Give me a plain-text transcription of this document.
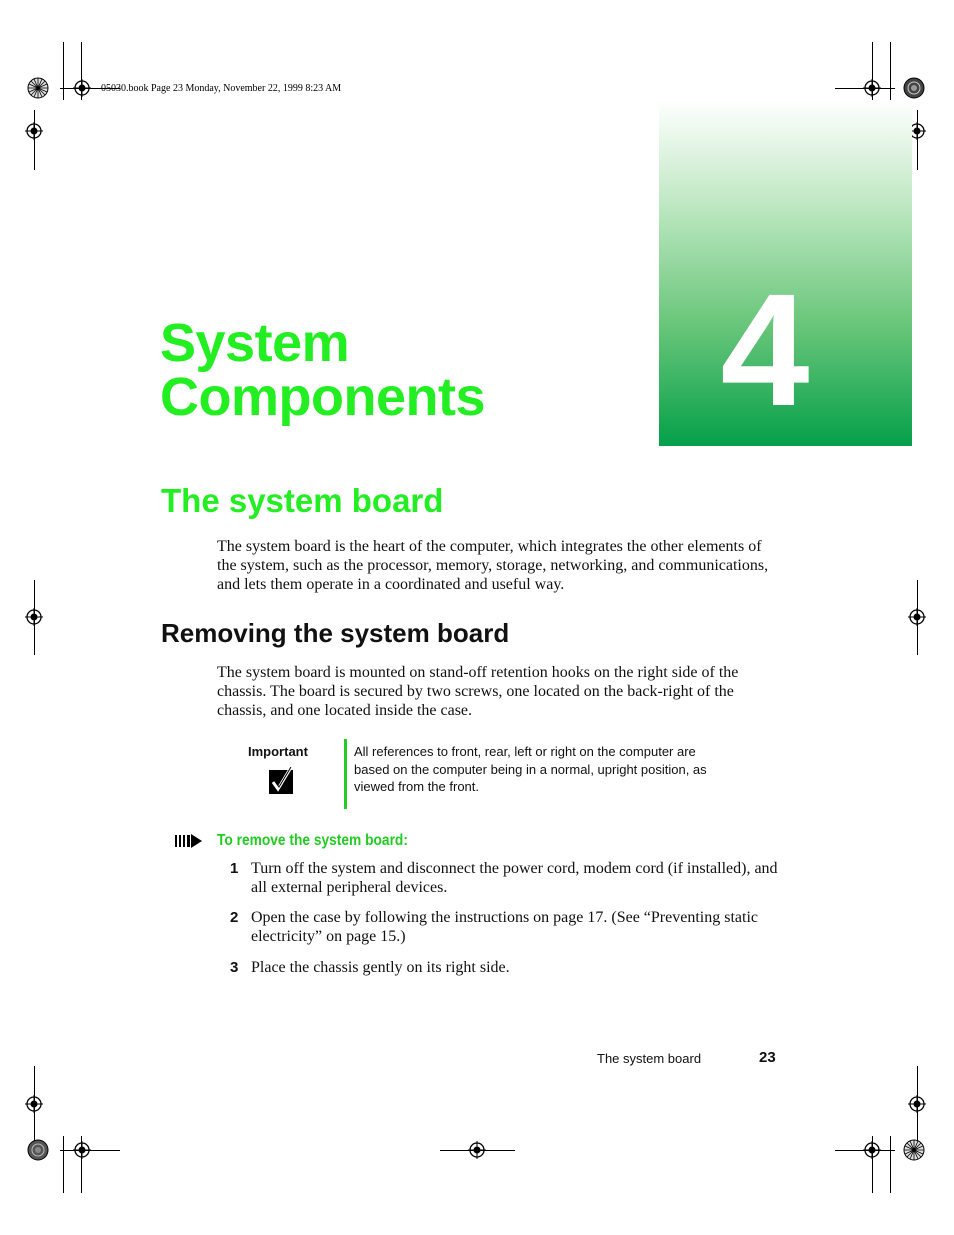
05030.book Page 23 Monday, November 22, 1999 8:23 AM
4
System
Components
The system board

The system board is the heart of the computer, which integrates the other elements of the system, such as the processor, memory, storage, networking, and communications, and lets them operate in a coordinated and useful way.

Removing the system board

The system board is mounted on stand-off retention hooks on the right side of the chassis. The board is secured by two screws, one located on the back-right of the chassis, and one located inside the case.

Important	All references to front, rear, left or right on the computer are based on the computer being in a normal, upright position, as viewed from the front.
To remove the system board:
1 Turn off the system and disconnect the power cord, modem cord (if installed), and all external peripheral devices.

2 Open the case by following the instructions on page 17. (See “Preventing static electricity” on page 15.)

3 Place the chassis gently on its right side.

The system board	23
